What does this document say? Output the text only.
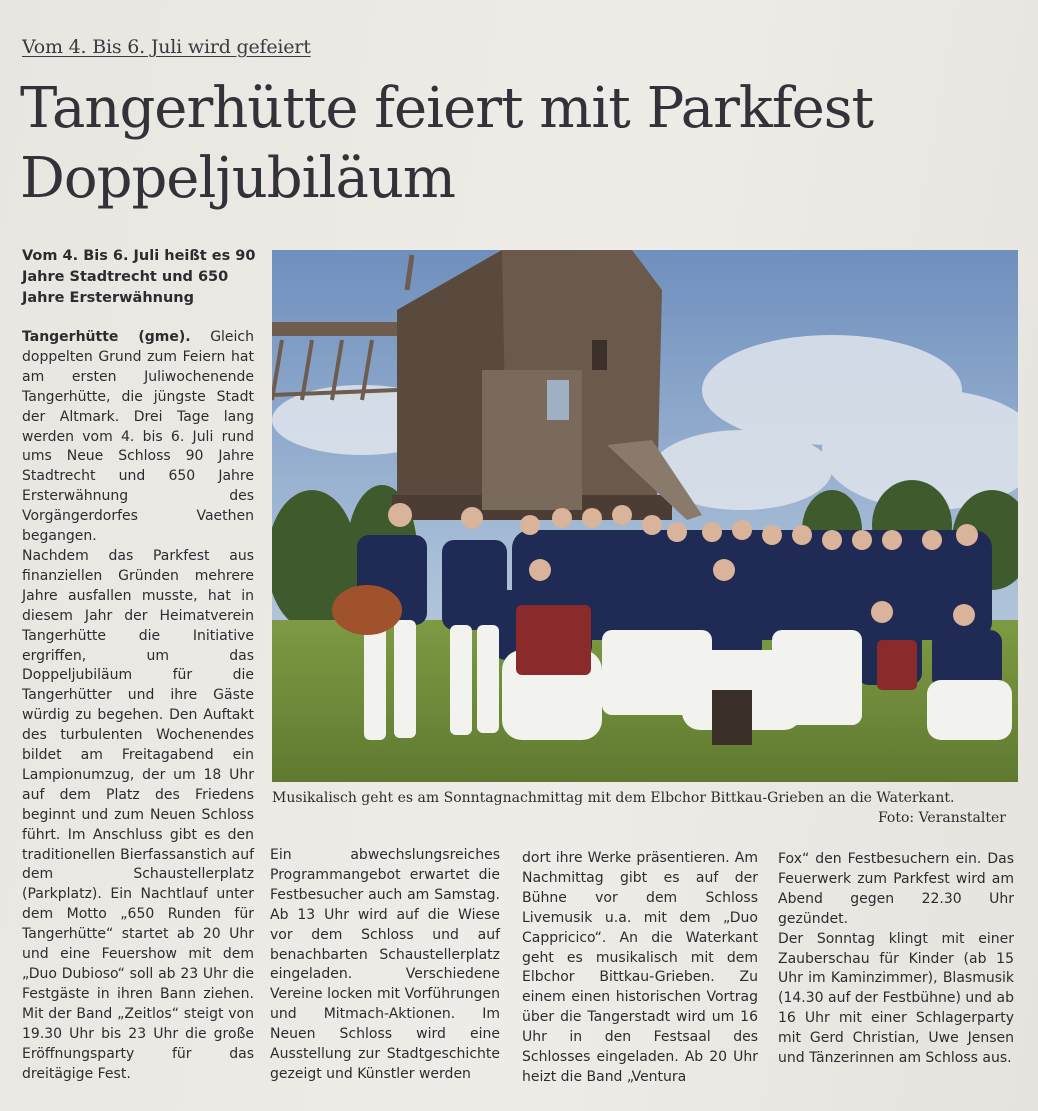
Vom 4. Bis 6. Juli wird gefeiert
Tangerhütte feiert mit Parkfest Doppeljubiläum
Vom 4. Bis 6. Juli heißt es 90 Jahre Stadtrecht und 650 Jahre Ersterwähnung

Tangerhütte (gme). Gleich doppelten Grund zum Feiern hat am ersten Juliwochenende Tangerhütte, die jüngste Stadt der Altmark. Drei Tage lang werden vom 4. bis 6. Juli rund ums Neue Schloss 90 Jahre Stadtrecht und 650 Jahre Ersterwähnung des Vorgängerdorfes Vaethen begangen.

Nachdem das Parkfest aus finanziellen Gründen mehrere Jahre ausfallen musste, hat in diesem Jahr der Heimatverein Tangerhütte die Initiative ergriffen, um das Doppeljubiläum für die Tangerhütter und ihre Gäste würdig zu begehen. Den Auftakt des turbulenten Wochenendes bildet am Freitagabend ein Lampionumzug, der um 18 Uhr auf dem Platz des Friedens beginnt und zum Neuen Schloss führt. Im Anschluss gibt es den traditionellen Bierfassanstich auf dem Schaustellerplatz (Parkplatz). Ein Nachtlauf unter dem Motto „650 Runden für Tangerhütte“ startet ab 20 Uhr und eine Feuershow mit dem „Duo Dubioso“ soll ab 23 Uhr die Festgäste in ihren Bann ziehen. Mit der Band „Zeitlos“ steigt von 19.30 Uhr bis 23 Uhr die große Eröffnungsparty für das dreitägige Fest.

Musikalisch geht es am Sonntagnachmittag mit dem Elbchor Bittkau-Grieben an die Waterkant.
Foto: Veranstalter

Ein abwechslungsreiches Programmangebot erwartet die Festbesucher auch am Samstag. Ab 13 Uhr wird auf die Wiese vor dem Schloss und auf benachbarten Schaustellerplatz eingeladen. Verschiedene Vereine locken mit Vorführungen und Mitmach-Aktionen. Im Neuen Schloss wird eine Ausstellung zur Stadtgeschichte gezeigt und Künstler werden

dort ihre Werke präsentieren. Am Nachmittag gibt es auf der Bühne vor dem Schloss Livemusik u.a. mit dem „Duo Cappricico“. An die Waterkant geht es musikalisch mit dem Elbchor Bittkau-Grieben. Zu einem einen historischen Vortrag über die Tangerstadt wird um 16 Uhr in den Festsaal des Schlosses eingeladen. Ab 20 Uhr heizt die Band „Ventura

Fox“ den Festbesuchern ein. Das Feuerwerk zum Parkfest wird am Abend gegen 22.30 Uhr gezündet.

Der Sonntag klingt mit einer Zauberschau für Kinder (ab 15 Uhr im Kaminzimmer), Blasmusik (14.30 auf der Festbühne) und ab 16 Uhr mit einer Schlagerparty mit Gerd Christian, Uwe Jensen und Tänzerinnen am Schloss aus.
